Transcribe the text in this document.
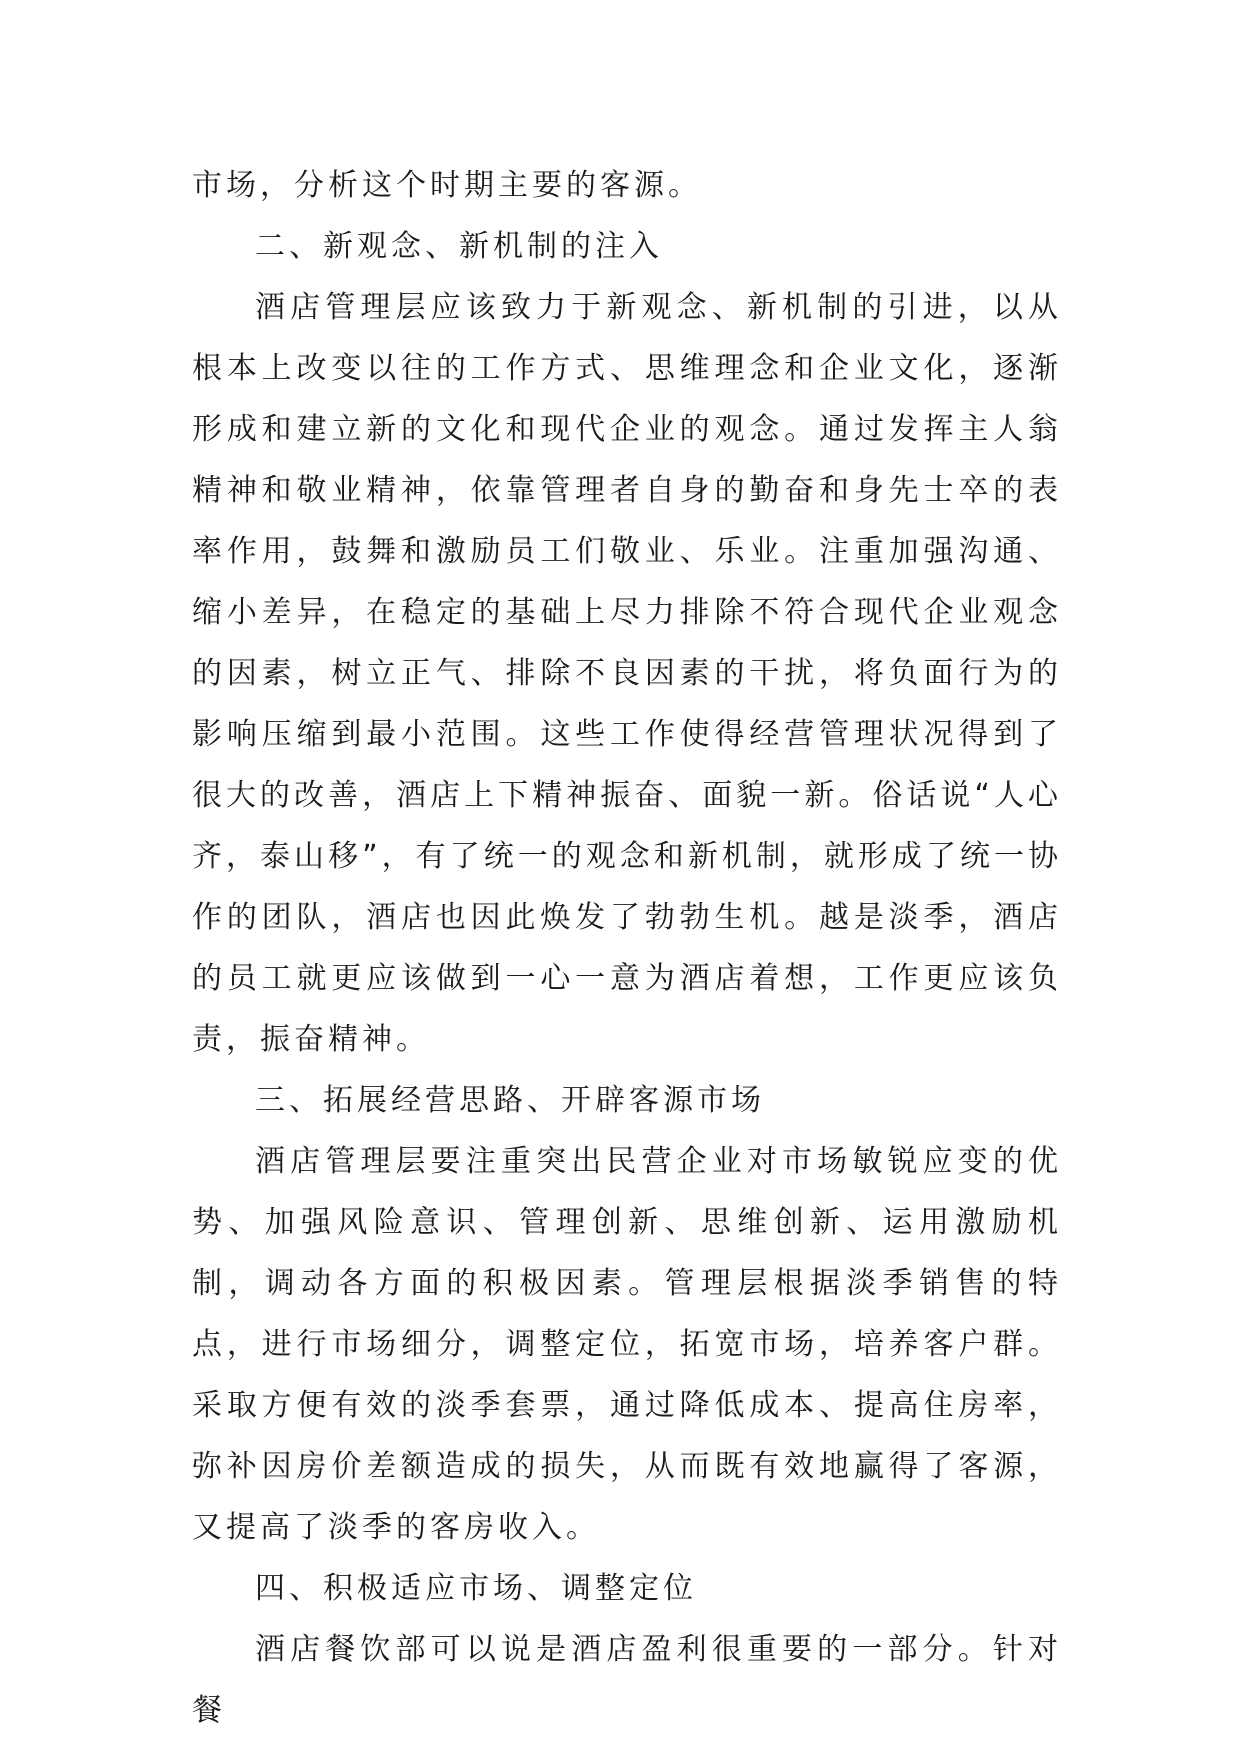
市场，分析这个时期主要的客源。

二、新观念、新机制的注入

酒店管理层应该致力于新观念、新机制的引进，以从根本上改变以往的工作方式、思维理念和企业文化，逐渐形成和建立新的文化和现代企业的观念。通过发挥主人翁精神和敬业精神，依靠管理者自身的勤奋和身先士卒的表率作用，鼓舞和激励员工们敬业、乐业。注重加强沟通、缩小差异，在稳定的基础上尽力排除不符合现代企业观念的因素，树立正气、排除不良因素的干扰，将负面行为的影响压缩到最小范围。这些工作使得经营管理状况得到了很大的改善，酒店上下精神振奋、面貌一新。俗话说“人心齐，泰山移”，有了统一的观念和新机制，就形成了统一协作的团队，酒店也因此焕发了勃勃生机。越是淡季，酒店的员工就更应该做到一心一意为酒店着想，工作更应该负责，振奋精神。

三、拓展经营思路、开辟客源市场

酒店管理层要注重突出民营企业对市场敏锐应变的优势、加强风险意识、管理创新、思维创新、运用激励机制，调动各方面的积极因素。管理层根据淡季销售的特点，进行市场细分，调整定位，拓宽市场，培养客户群。采取方便有效的淡季套票，通过降低成本、提高住房率，弥补因房价差额造成的损失，从而既有效地赢得了客源，又提高了淡季的客房收入。

四、积极适应市场、调整定位

酒店餐饮部可以说是酒店盈利很重要的一部分。针对餐
